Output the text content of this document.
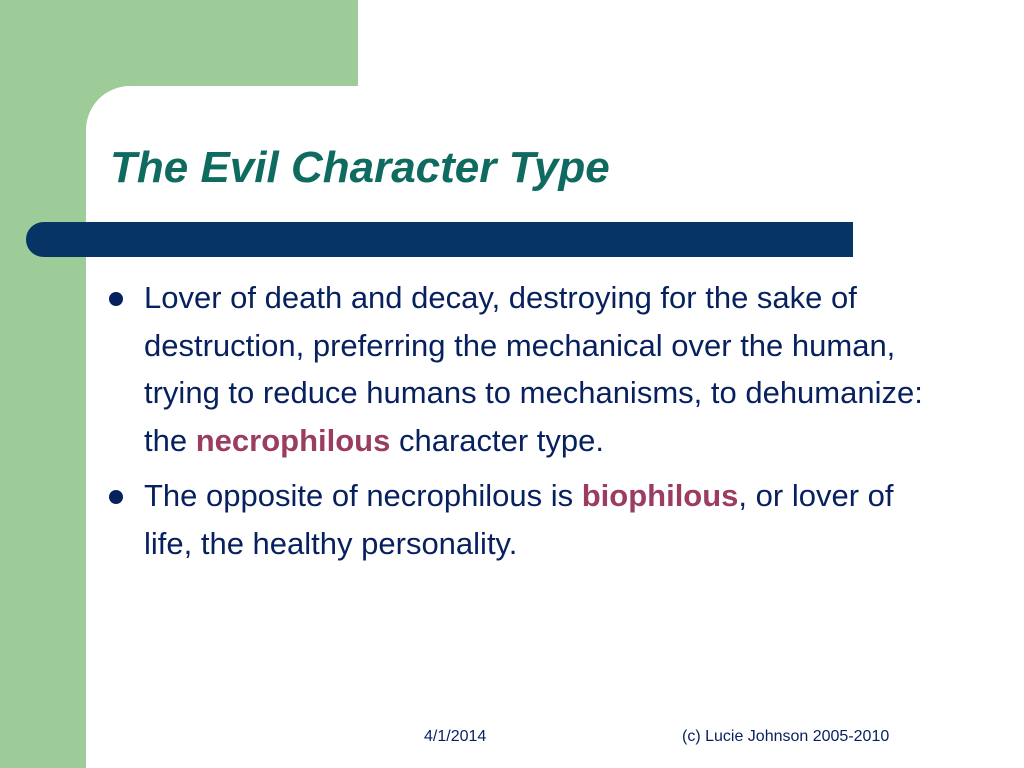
The Evil Character Type
Lover of death and decay, destroying for the sake of destruction, preferring the mechanical over the human, trying to reduce humans to mechanisms, to dehumanize: the necrophilous character type.
The opposite of necrophilous is biophilous, or lover of life, the healthy personality.
4/1/2014	(c) Lucie Johnson 2005-2010
